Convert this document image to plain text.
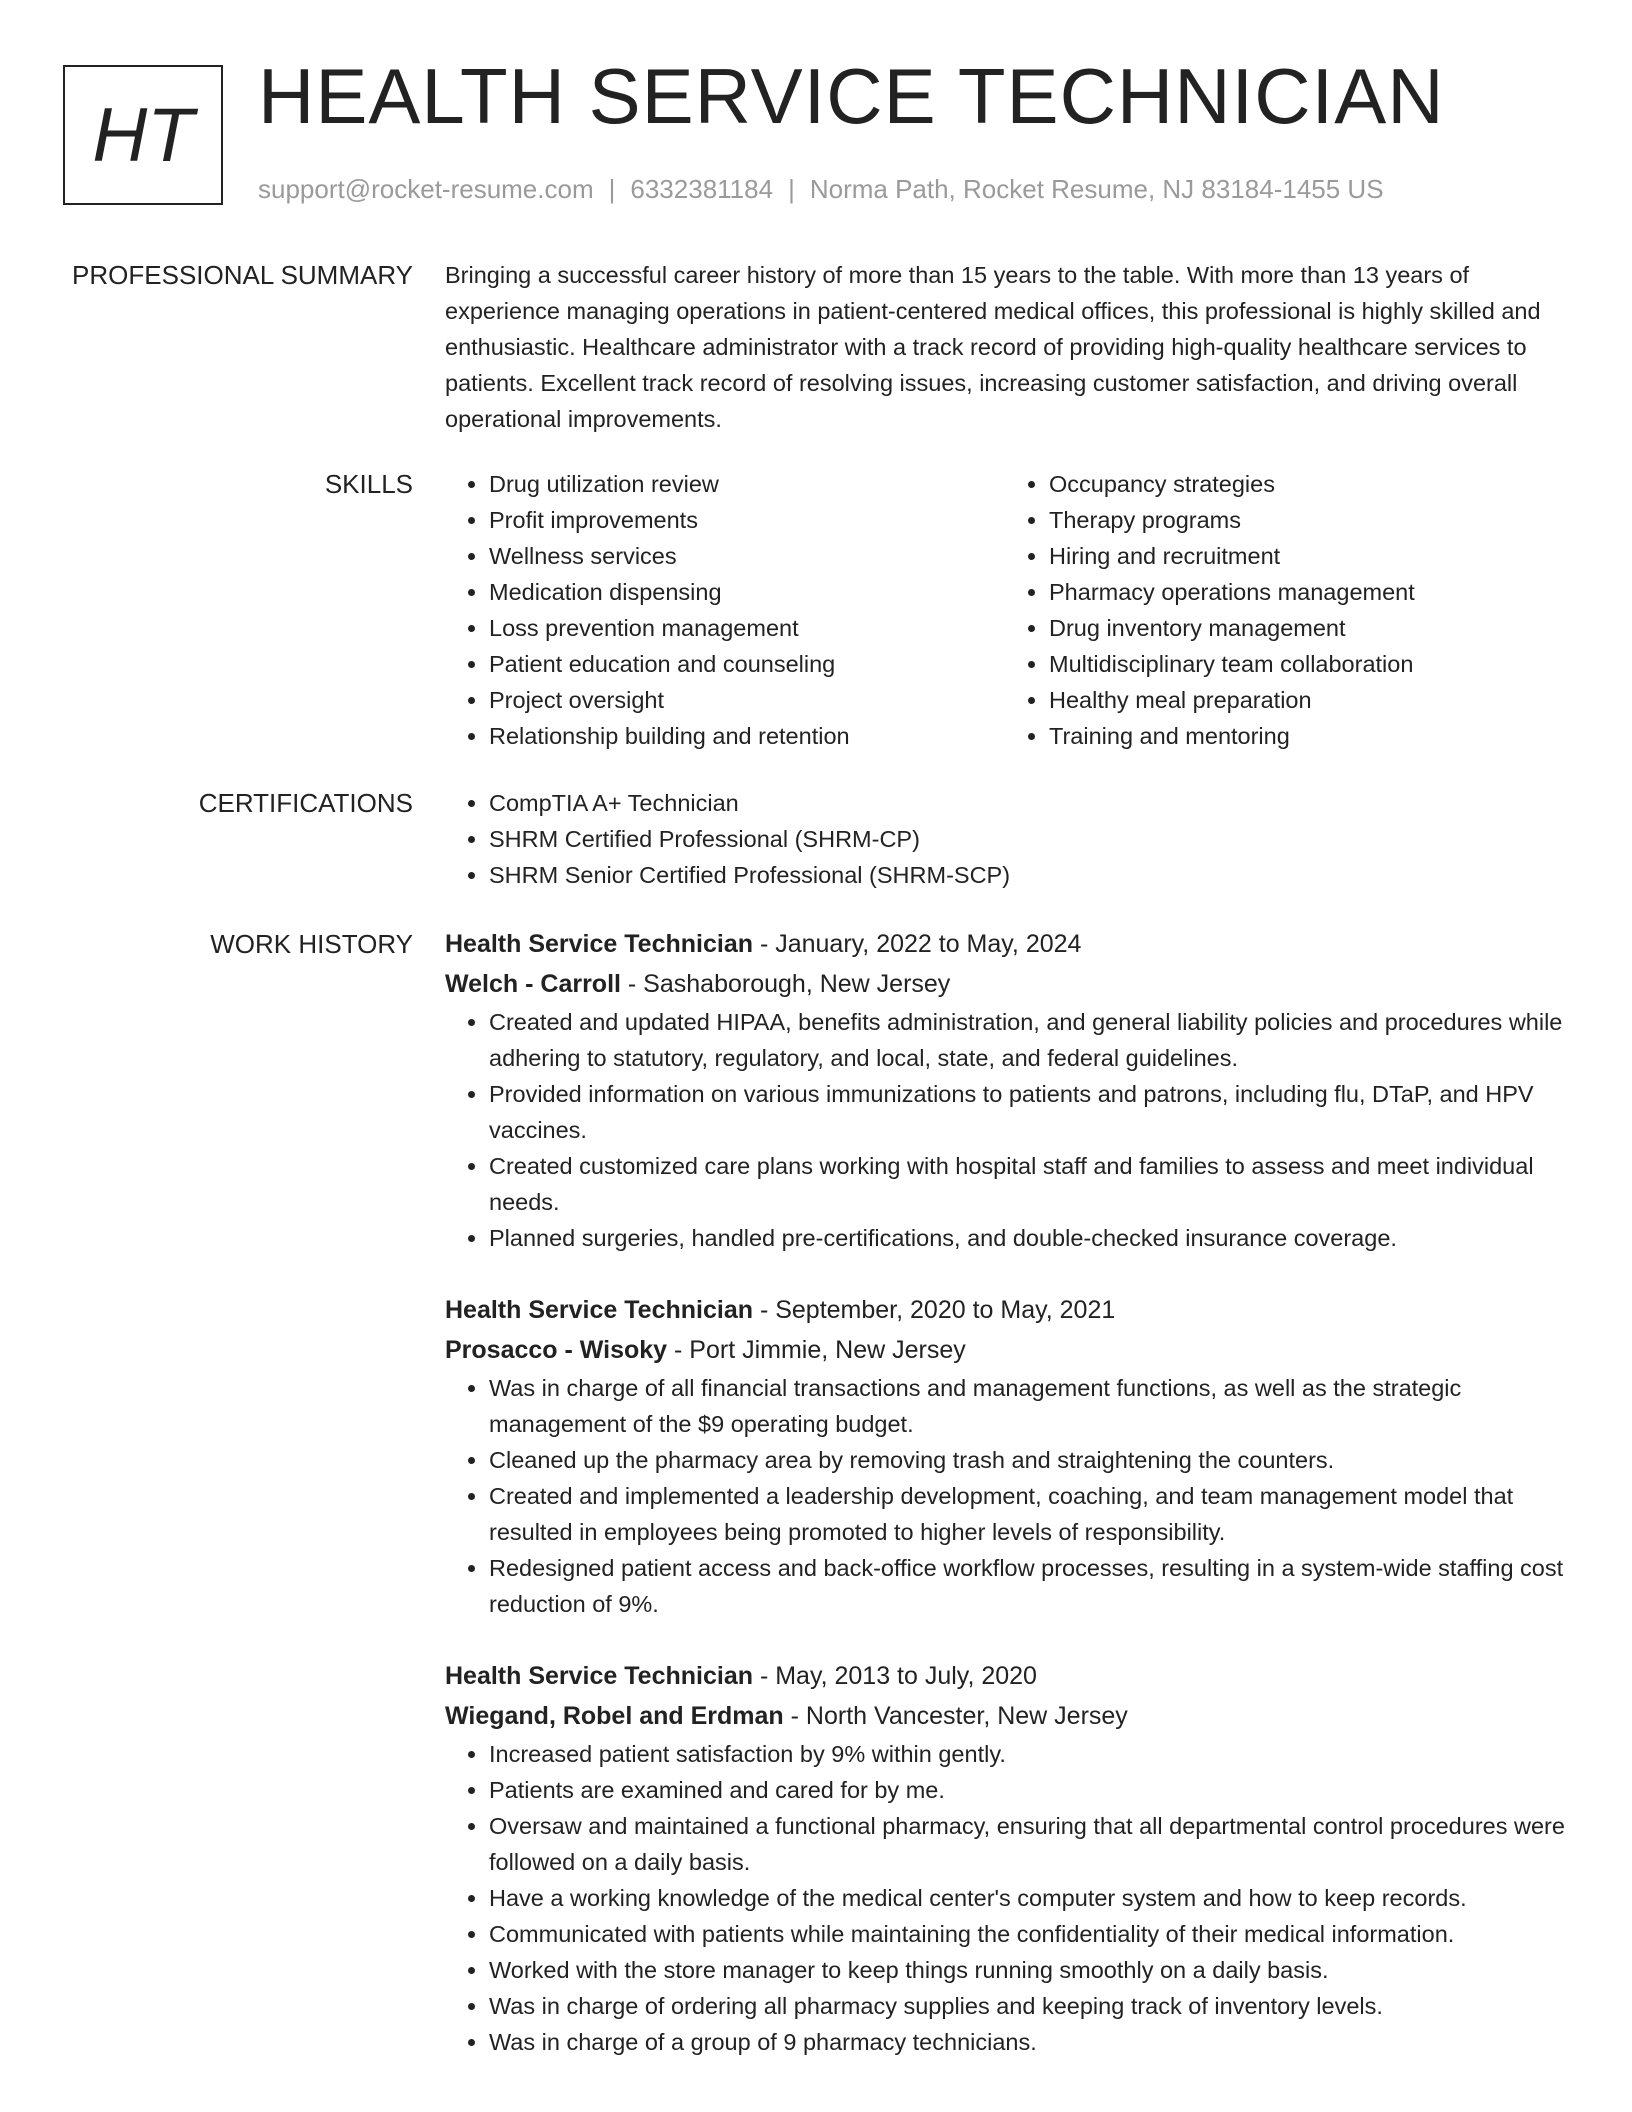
HT HEALTH SERVICE TECHNICIAN
support@rocket-resume.com | 6332381184 | Norma Path, Rocket Resume, NJ 83184-1455 US
PROFESSIONAL SUMMARY Bringing a successful career history of more than 15 years to the table. With more than 13 years of experience managing operations in patient-centered medical offices, this professional is highly skilled and enthusiastic. Healthcare administrator with a track record of providing high-quality healthcare services to patients. Excellent track record of resolving issues, increasing customer satisfaction, and driving overall operational improvements.

SKILLS	• Drug utilization review
• Profit improvements
• Wellness services
• Medication dispensing
• Loss prevention management
• Patient education and counseling
• Project oversight
• Relationship building and retention
• Occupancy strategies
• Therapy programs
• Hiring and recruitment
• Pharmacy operations management
• Drug inventory management
• Multidisciplinary team collaboration
• Healthy meal preparation
• Training and mentoring
CERTIFICATIONS	• CompTIA A+ Technician
• SHRM Certified Professional (SHRM-CP)
• SHRM Senior Certified Professional (SHRM-SCP)
WORK HISTORY Health Service Technician - January, 2022 to May, 2024
Welch - Carroll - Sashaborough, New Jersey
• Created and updated HIPAA, benefits administration, and general liability policies and procedures while adhering to statutory, regulatory, and local, state, and federal guidelines.
• Provided information on various immunizations to patients and patrons, including flu, DTaP, and HPV vaccines.
• Created customized care plans working with hospital staff and families to assess and meet individual needs.
• Planned surgeries, handled pre-certifications, and double-checked insurance coverage.
Health Service Technician - September, 2020 to May, 2021
Prosacco - Wisoky - Port Jimmie, New Jersey
• Was in charge of all financial transactions and management functions, as well as the strategic management of the $9 operating budget.
• Cleaned up the pharmacy area by removing trash and straightening the counters.
• Created and implemented a leadership development, coaching, and team management model that resulted in employees being promoted to higher levels of responsibility.
• Redesigned patient access and back-office workflow processes, resulting in a system-wide staffing cost reduction of 9%.
Health Service Technician - May, 2013 to July, 2020
Wiegand, Robel and Erdman - North Vancester, New Jersey
• Increased patient satisfaction by 9% within gently.
• Patients are examined and cared for by me.
• Oversaw and maintained a functional pharmacy, ensuring that all departmental control procedures were followed on a daily basis.
• Have a working knowledge of the medical center's computer system and how to keep records.
• Communicated with patients while maintaining the confidentiality of their medical information.
• Worked with the store manager to keep things running smoothly on a daily basis.
• Was in charge of ordering all pharmacy supplies and keeping track of inventory levels.
• Was in charge of a group of 9 pharmacy technicians.
